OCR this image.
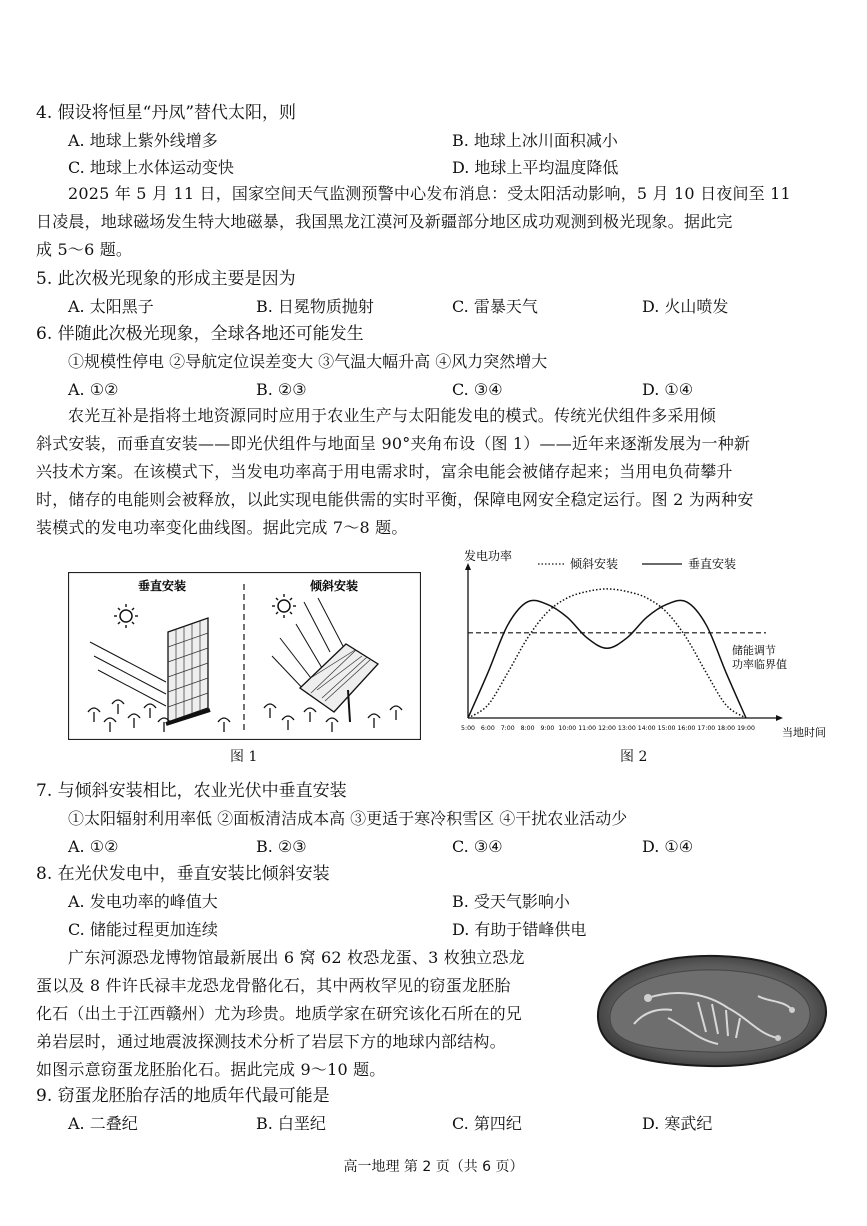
4. 假设将恒星“丹凤”替代太阳，则
A. 地球上紫外线增多	B. 地球上冰川面积减小
C. 地球上水体运动变快	D. 地球上平均温度降低
2025 年 5 月 11 日，国家空间天气监测预警中心发布消息：受太阳活动影响，5 月 10 日夜间至 11
日凌晨，地球磁场发生特大地磁暴，我国黑龙江漠河及新疆部分地区成功观测到极光现象。据此完
成 5～6 题。
5. 此次极光现象的形成主要是因为
A. 太阳黑子	B. 日冕物质抛射	C. 雷暴天气	D. 火山喷发
6. 伴随此次极光现象，全球各地还可能发生
①规模性停电 ②导航定位误差变大 ③气温大幅升高 ④风力突然增大
A. ①②	B. ②③	C. ③④	D. ①④
农光互补是指将土地资源同时应用于农业生产与太阳能发电的模式。传统光伏组件多采用倾
斜式安装，而垂直安装——即光伏组件与地面呈 90°夹角布设（图 1）——近年来逐渐发展为一种新
兴技术方案。在该模式下，当发电功率高于用电需求时，富余电能会被储存起来；当用电负荷攀升
时，储存的电能则会被释放，以此实现电能供需的实时平衡，保障电网安全稳定运行。图 2 为两种安
装模式的发电功率变化曲线图。据此完成 7～8 题。
垂直安装	倾斜安装
图 1
发电功率
倾斜安装	垂直安装
储能调节
功率临界值
当地时间
5:00 6:00 7:00 8:00 9:00 10:00 11:00 12:00 13:00 14:00 15:00 16:00 17:00 18:00 19:00
图 2
7. 与倾斜安装相比，农业光伏中垂直安装
①太阳辐射利用率低 ②面板清洁成本高 ③更适于寒冷积雪区 ④干扰农业活动少
A. ①②	B. ②③	C. ③④	D. ①④
8. 在光伏发电中，垂直安装比倾斜安装
A. 发电功率的峰值大	B. 受天气影响小
C. 储能过程更加连续	D. 有助于错峰供电
广东河源恐龙博物馆最新展出 6 窝 62 枚恐龙蛋、3 枚独立恐龙
蛋以及 8 件许氏禄丰龙恐龙骨骼化石，其中两枚罕见的窃蛋龙胚胎
化石（出土于江西赣州）尤为珍贵。地质学家在研究该化石所在的兄
弟岩层时，通过地震波探测技术分析了岩层下方的地球内部结构。
如图示意窃蛋龙胚胎化石。据此完成 9～10 题。
9. 窃蛋龙胚胎存活的地质年代最可能是
A. 二叠纪	B. 白垩纪	C. 第四纪	D. 寒武纪
高一地理 第 2 页（共 6 页）
